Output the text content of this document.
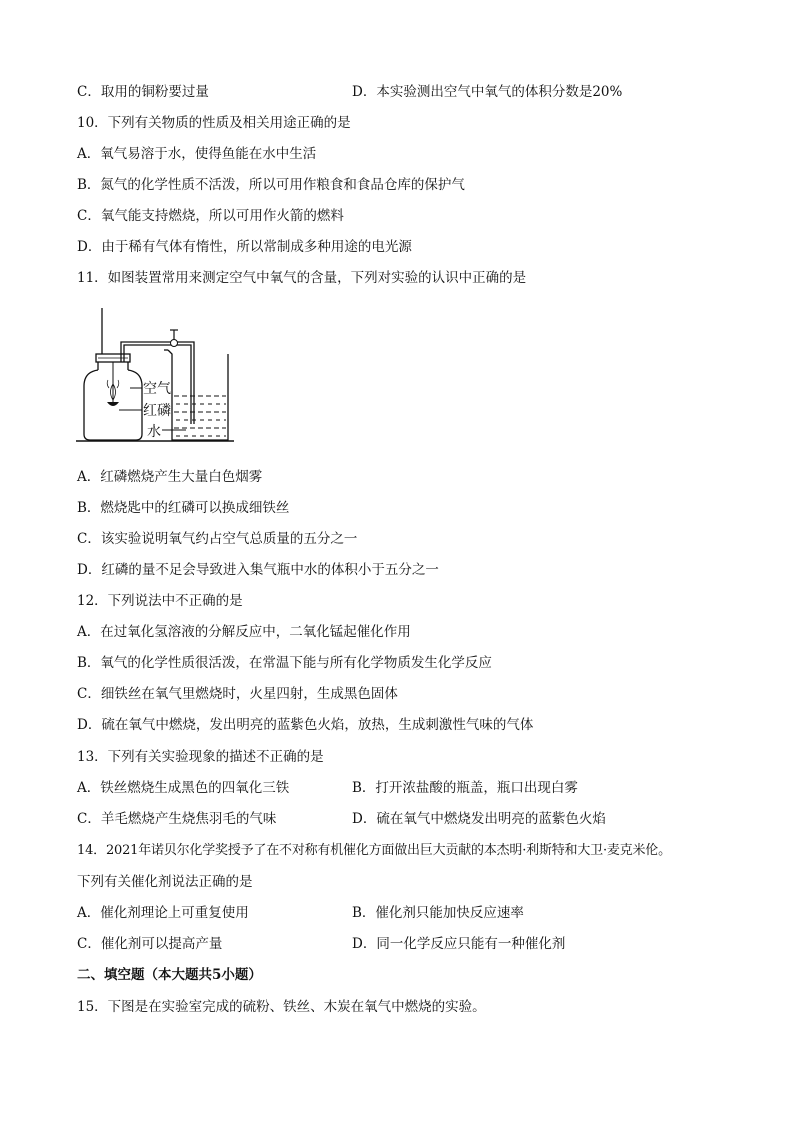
C．取用的铜粉要过量	D．本实验测出空气中氧气的体积分数是20%
10．下列有关物质的性质及相关用途正确的是
A．氧气易溶于水，使得鱼能在水中生活
B．氮气的化学性质不活泼，所以可用作粮食和食品仓库的保护气
C．氧气能支持燃烧，所以可用作火箭的燃料
D．由于稀有气体有惰性，所以常制成多种用途的电光源
11．如图装置常用来测定空气中氧气的含量，下列对实验的认识中正确的是
空气
红磷
水
A．红磷燃烧产生大量白色烟雾
B．燃烧匙中的红磷可以换成细铁丝
C．该实验说明氧气约占空气总质量的五分之一
D．红磷的量不足会导致进入集气瓶中水的体积小于五分之一
12．下列说法中不正确的是
A．在过氧化氢溶液的分解反应中，二氧化锰起催化作用
B．氧气的化学性质很活泼，在常温下能与所有化学物质发生化学反应
C．细铁丝在氧气里燃烧时，火星四射，生成黑色固体
D．硫在氧气中燃烧，发出明亮的蓝紫色火焰，放热，生成刺激性气味的气体
13．下列有关实验现象的描述不正确的是
A．铁丝燃烧生成黑色的四氧化三铁	B．打开浓盐酸的瓶盖，瓶口出现白雾
C．羊毛燃烧产生烧焦羽毛的气味	D．硫在氧气中燃烧发出明亮的蓝紫色火焰
14．2021年诺贝尔化学奖授予了在不对称有机催化方面做出巨大贡献的本杰明·利斯特和大卫·麦克米伦。
下列有关催化剂说法正确的是
A．催化剂理论上可重复使用	B．催化剂只能加快反应速率
C．催化剂可以提高产量	D．同一化学反应只能有一种催化剂
二、填空题（本大题共5小题）
15．下图是在实验室完成的硫粉、铁丝、木炭在氧气中燃烧的实验。
